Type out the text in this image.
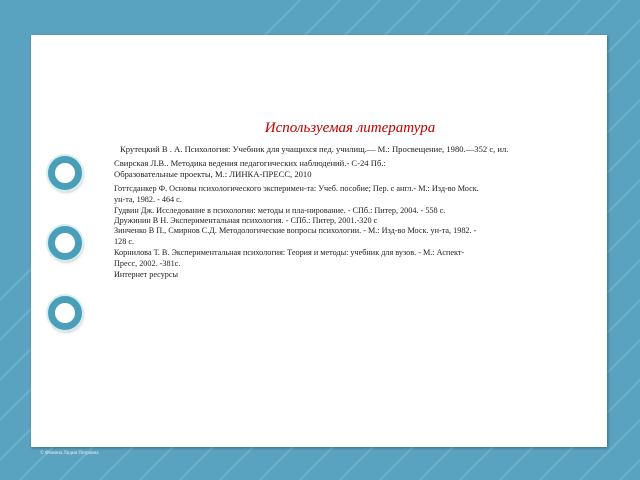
Используемая литература

Крутецкий В . А. Психология: Учебник для учащихся пед. училищ.— М.: Просвещение, 1980.—352 с, ил.

Свирская Л.В.. Методика ведения педагогических наблюдений.- С-24 Пб.:
Образовательные проекты, М.: ЛИНКА-ПРЕСС, 2010

Готтсданкер Ф. Основы психологического эксперимен-та: Учеб. пособие; Пер. с англ.- М.: Изд-во Моск.
ун-та, 1982. - 464 с.

Гудвин Дж. Исследование в психологии: методы и пла-нирование. - СПб.: Питер, 2004. - 558 с.

Дружинин В Н. Экспериментальная психология. - СПб.: Питер, 2001.-320 с

Зинченко В П., Смирнов С.Д. Методологические вопросы психологии. - М.: Изд-во Моск. ун-та, 1982. -
128 с.

Корнилова Т. В. Экспериментальная психология: Теория и методы: учебник для вузов. - М.: Аспект-
Пресс, 2002. -381с.

Интернет ресурсы

© Фомина Лидия Петровна
